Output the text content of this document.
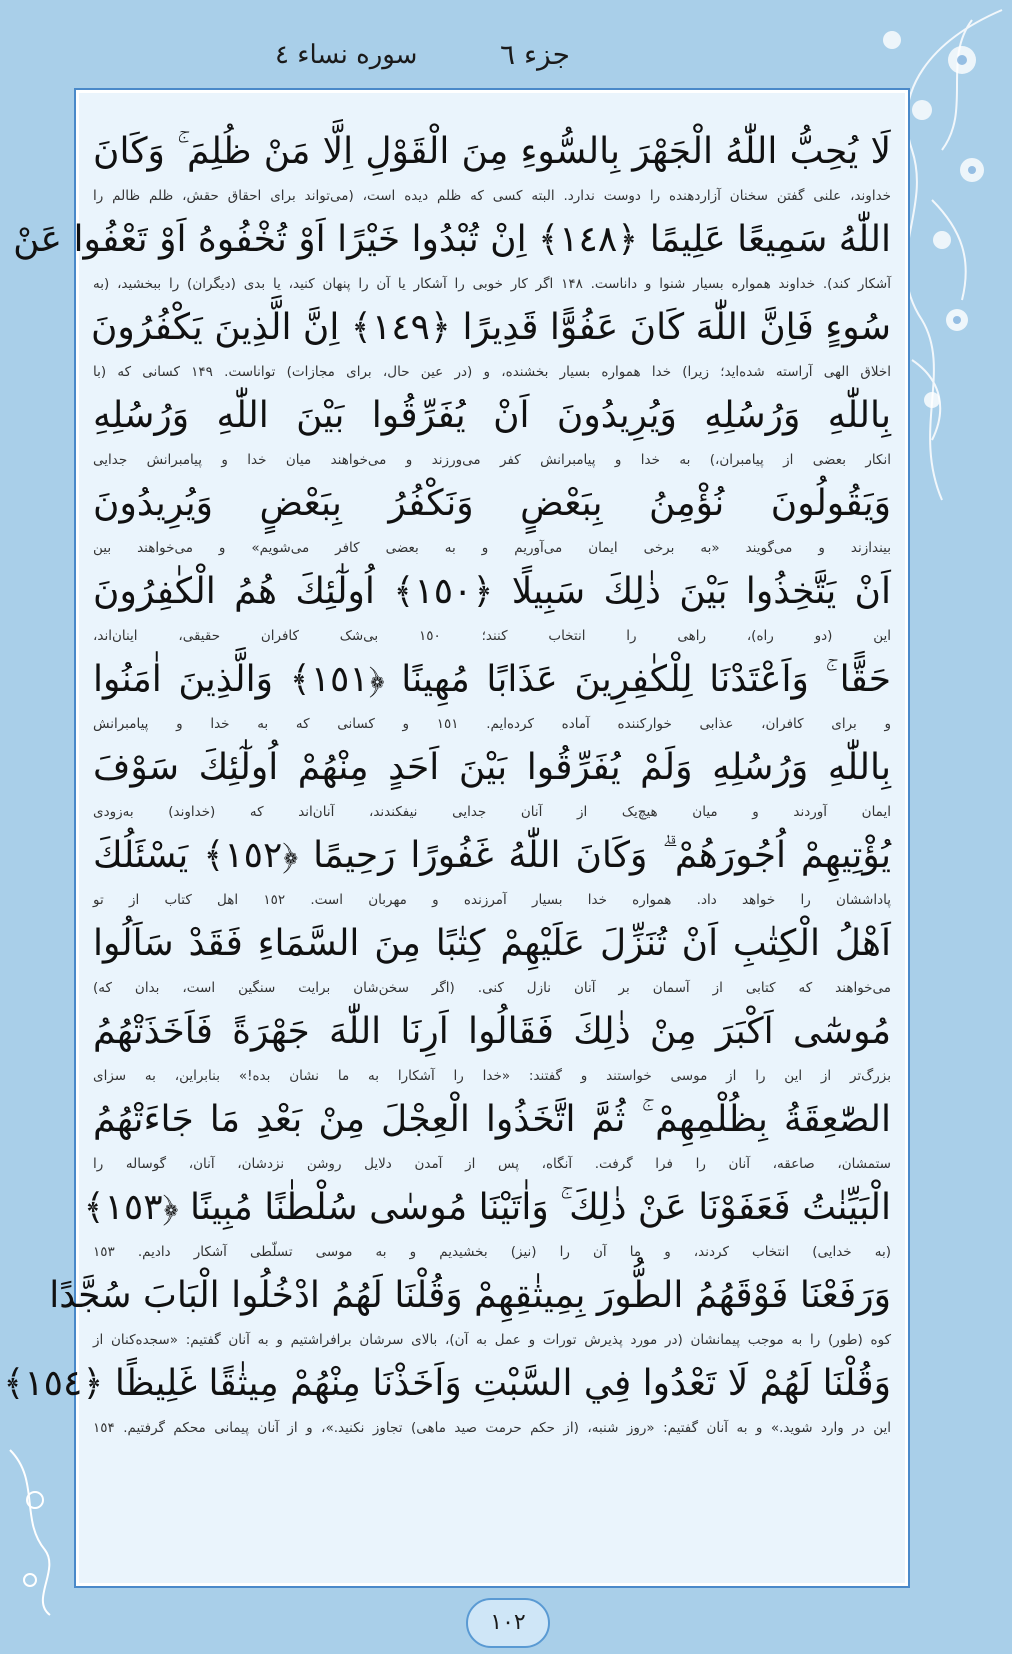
سوره نساء ٤	جزء ٦
لَا يُحِبُّ اللّٰهُ الْجَهْرَ بِالسُّوءِ مِنَ الْقَوْلِ اِلَّا مَنْ ظُلِمَ ۚ وَكَانَ
خداوند، علنی گفتن سخنان آزاردهنده را دوست ندارد. البته کسی که ظلم دیده است، (می‌تواند برای احقاق حقش، ظلم ظالم را
اللّٰهُ سَمِيعًا عَلِيمًا ﴿١٤٨﴾ اِنْ تُبْدُوا خَيْرًا اَوْ تُخْفُوهُ اَوْ تَعْفُوا عَنْ
آشکار کند). خداوند همواره بسیار شنوا و داناست. ١۴٨ اگر کار خوبی را آشکار یا آن را پنهان کنید، یا بدی (دیگران) را ببخشید، (به
سُوءٍ فَاِنَّ اللّٰهَ كَانَ عَفُوًّا قَدِيرًا ﴿١٤٩﴾ اِنَّ الَّذِينَ يَكْفُرُونَ
اخلاق الهی آراسته شده‌اید؛ زیرا) خدا همواره بسیار بخشنده، و (در عین حال، برای مجازات) تواناست. ١۴٩ کسانی که (با
بِاللّٰهِ وَرُسُلِهِ وَيُرِيدُونَ اَنْ يُفَرِّقُوا بَيْنَ اللّٰهِ وَرُسُلِهِ
انکار بعضی از پیامبران،) به خدا و پیامبرانش کفر می‌ورزند و می‌خواهند میان خدا و پیامبرانش جدایی
وَيَقُولُونَ نُؤْمِنُ بِبَعْضٍ وَنَكْفُرُ بِبَعْضٍ وَيُرِيدُونَ
بیندازند و می‌گویند «به برخی ایمان می‌آوریم و به بعضی کافر می‌شویم» و می‌خواهند بین
اَنْ يَتَّخِذُوا بَيْنَ ذٰلِكَ سَبِيلًا ﴿١٥٠﴾ اُولٰٓئِكَ هُمُ الْكٰفِرُونَ
این (دو راه)، راهی را انتخاب کنند؛ ١٥٠ بی‌شک کافران حقیقی، اینان‌اند،
حَقًّا ۚ وَاَعْتَدْنَا لِلْكٰفِرِينَ عَذَابًا مُهِينًا ﴿١٥١﴾ وَالَّذِينَ اٰمَنُوا
و برای کافران، عذابی خوارکننده آماده کرده‌ایم. ١٥١ و کسانی که به خدا و پیامبرانش
بِاللّٰهِ وَرُسُلِهِ وَلَمْ يُفَرِّقُوا بَيْنَ اَحَدٍ مِنْهُمْ اُولٰٓئِكَ سَوْفَ
ایمان آوردند و میان هیچ‌یک از آنان جدایی نیفکندند، آنان‌اند که (خداوند) به‌زودی
يُؤْتِيهِمْ اُجُورَهُمْ ۗ وَكَانَ اللّٰهُ غَفُورًا رَحِيمًا ﴿١٥٢﴾ يَسْئَلُكَ
پاداششان را خواهد داد. همواره خدا بسیار آمرزنده و مهربان است. ١٥٢ اهل کتاب از تو
اَهْلُ الْكِتٰبِ اَنْ تُنَزِّلَ عَلَيْهِمْ كِتٰبًا مِنَ السَّمَاءِ فَقَدْ سَاَلُوا
می‌خواهند که کتابی از آسمان بر آنان نازل کنی. (اگر سخن‌شان برایت سنگین است، بدان که)
مُوسٰٓى اَكْبَرَ مِنْ ذٰلِكَ فَقَالُوا اَرِنَا اللّٰهَ جَهْرَةً فَاَخَذَتْهُمُ
بزرگ‌تر از این را از موسی خواستند و گفتند: «خدا را آشکارا به ما نشان بده!» بنابراین، به سزای
الصّٰعِقَةُ بِظُلْمِهِمْ ۚ ثُمَّ اتَّخَذُوا الْعِجْلَ مِنْ بَعْدِ مَا جَاءَتْهُمُ
ستمشان، صاعقه، آنان را فرا گرفت. آنگاه، پس از آمدن دلایل روشن نزدشان، آنان، گوساله را
الْبَيِّنٰتُ فَعَفَوْنَا عَنْ ذٰلِكَ ۚ وَاٰتَيْنَا مُوسٰى سُلْطٰنًا مُبِينًا ﴿١٥٣﴾
(به خدایی) انتخاب کردند، و ما آن را (نیز) بخشیدیم و به موسی تسلّطی آشکار دادیم. ١٥٣
وَرَفَعْنَا فَوْقَهُمُ الطُّورَ بِمِيثٰقِهِمْ وَقُلْنَا لَهُمُ ادْخُلُوا الْبَابَ سُجَّدًا
کوه (طور) را به موجب پیمانشان (در مورد پذیرش تورات و عمل به آن)، بالای سرشان برافراشتیم و به آنان گفتیم: «سجده‌کنان از
وَقُلْنَا لَهُمْ لَا تَعْدُوا فِي السَّبْتِ وَاَخَذْنَا مِنْهُمْ مِيثٰقًا غَلِيظًا ﴿١٥٤﴾
این در وارد شوید.» و به آنان گفتیم: «روز شنبه، (از حکم حرمت صید ماهی) تجاوز نکنید.»، و از آنان پیمانی محکم گرفتیم. ١٥۴
١٠٢
